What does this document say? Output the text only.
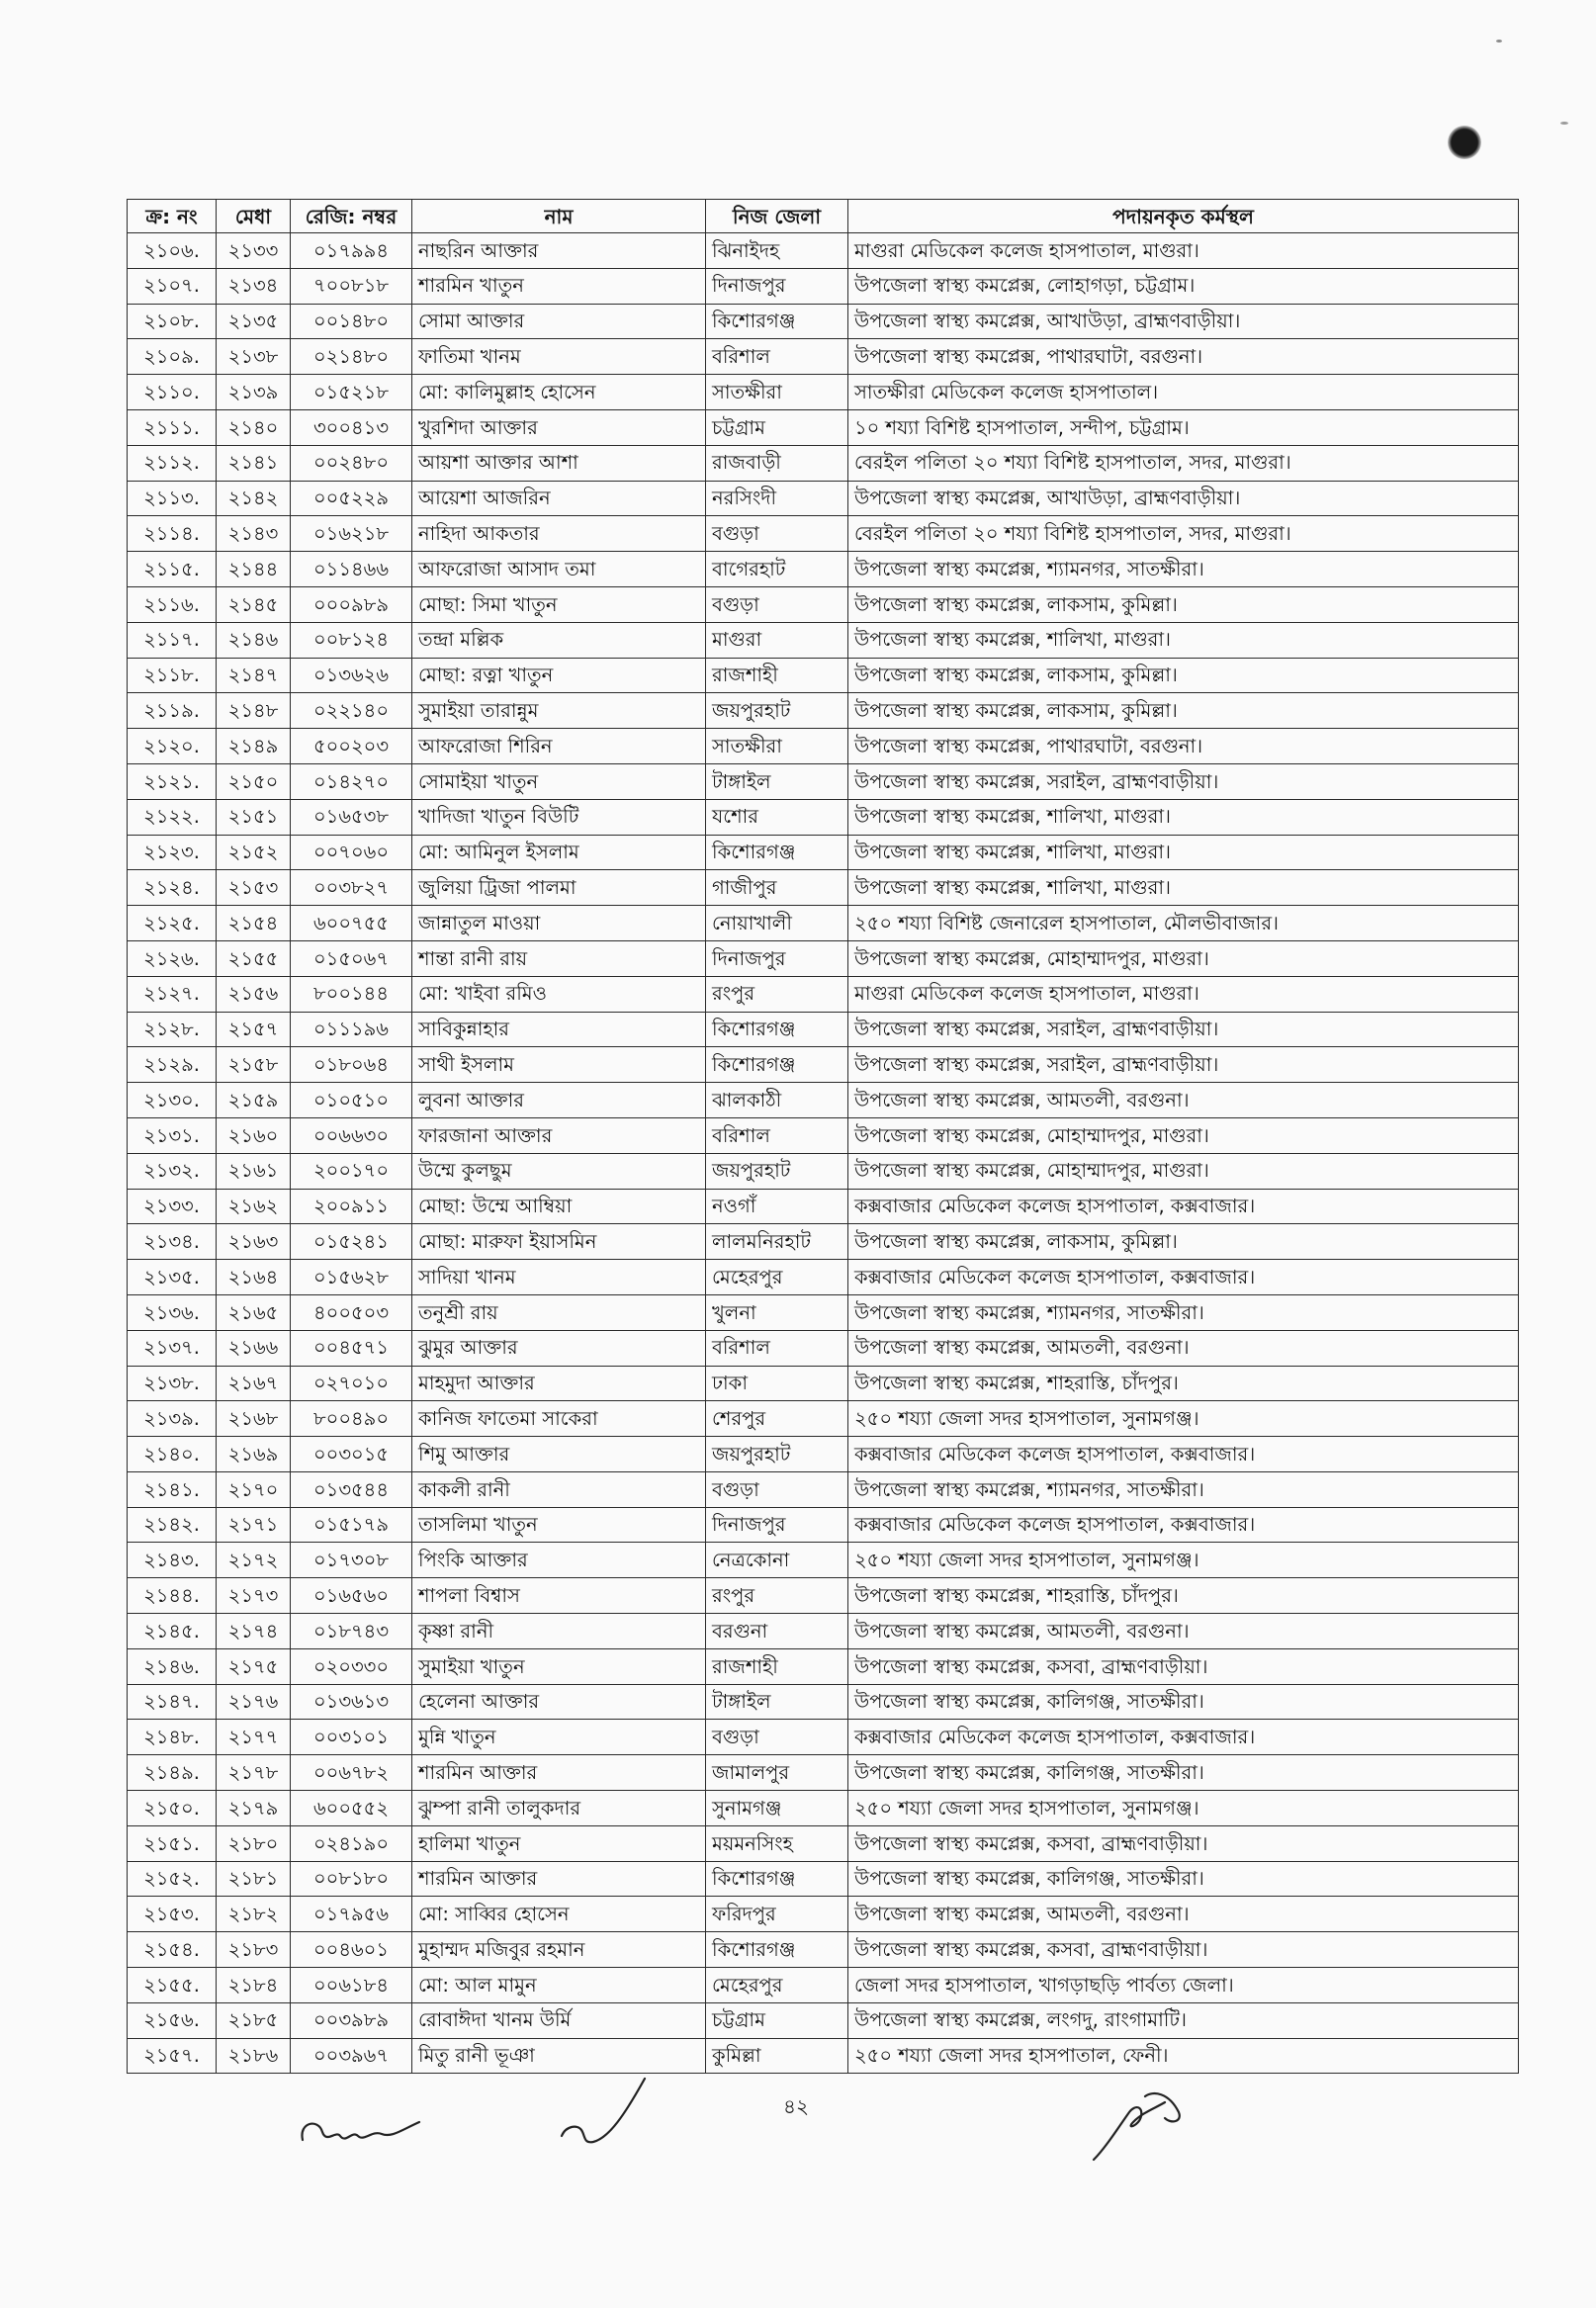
ক্র: নং	মেধা	রেজি: নম্বর	নাম	নিজ জেলা	পদায়নকৃত কর্মস্থল
২১০৬.	২১৩৩	০১৭৯৯৪	নাছরিন আক্তার	ঝিনাইদহ	মাগুরা মেডিকেল কলেজ হাসপাতাল, মাগুরা।
২১০৭.	২১৩৪	৭০০৮১৮	শারমিন খাতুন	দিনাজপুর	উপজেলা স্বাস্থ্য কমপ্লেক্স, লোহাগড়া, চট্টগ্রাম।
২১০৮.	২১৩৫	০০১৪৮০	সোমা আক্তার	কিশোরগঞ্জ	উপজেলা স্বাস্থ্য কমপ্লেক্স, আখাউড়া, ব্রাহ্মণবাড়ীয়া।
২১০৯.	২১৩৮	০২১৪৮০	ফাতিমা খানম	বরিশাল	উপজেলা স্বাস্থ্য কমপ্লেক্স, পাথারঘাটা, বরগুনা।
২১১০.	২১৩৯	০১৫২১৮	মো: কালিমুল্লাহ হোসেন	সাতক্ষীরা	সাতক্ষীরা মেডিকেল কলেজ হাসপাতাল।
২১১১.	২১৪০	৩০০৪১৩	খুরশিদা আক্তার	চট্টগ্রাম	১০ শয্যা বিশিষ্ট হাসপাতাল, সন্দীপ, চট্টগ্রাম।
২১১২.	২১৪১	০০২৪৮০	আয়শা আক্তার আশা	রাজবাড়ী	বেরইল পলিতা ২০ শয্যা বিশিষ্ট হাসপাতাল, সদর, মাগুরা।
২১১৩.	২১৪২	০০৫২২৯	আয়েশা আজরিন	নরসিংদী	উপজেলা স্বাস্থ্য কমপ্লেক্স, আখাউড়া, ব্রাহ্মণবাড়ীয়া।
২১১৪.	২১৪৩	০১৬২১৮	নাহিদা আকতার	বগুড়া	বেরইল পলিতা ২০ শয্যা বিশিষ্ট হাসপাতাল, সদর, মাগুরা।
২১১৫.	২১৪৪	০১১৪৬৬	আফরোজা আসাদ তমা	বাগেরহাট	উপজেলা স্বাস্থ্য কমপ্লেক্স, শ্যামনগর, সাতক্ষীরা।
২১১৬.	২১৪৫	০০০৯৮৯	মোছা: সিমা খাতুন	বগুড়া	উপজেলা স্বাস্থ্য কমপ্লেক্স, লাকসাম, কুমিল্লা।
২১১৭.	২১৪৬	০০৮১২৪	তন্দ্রা মল্লিক	মাগুরা	উপজেলা স্বাস্থ্য কমপ্লেক্স, শালিখা, মাগুরা।
২১১৮.	২১৪৭	০১৩৬২৬	মোছা: রত্না খাতুন	রাজশাহী	উপজেলা স্বাস্থ্য কমপ্লেক্স, লাকসাম, কুমিল্লা।
২১১৯.	২১৪৮	০২২১৪০	সুমাইয়া তারান্নুম	জয়পুরহাট	উপজেলা স্বাস্থ্য কমপ্লেক্স, লাকসাম, কুমিল্লা।
২১২০.	২১৪৯	৫০০২০৩	আফরোজা শিরিন	সাতক্ষীরা	উপজেলা স্বাস্থ্য কমপ্লেক্স, পাথারঘাটা, বরগুনা।
২১২১.	২১৫০	০১৪২৭০	সোমাইয়া খাতুন	টাঙ্গাইল	উপজেলা স্বাস্থ্য কমপ্লেক্স, সরাইল, ব্রাহ্মণবাড়ীয়া।
২১২২.	২১৫১	০১৬৫৩৮	খাদিজা খাতুন বিউটি	যশোর	উপজেলা স্বাস্থ্য কমপ্লেক্স, শালিখা, মাগুরা।
২১২৩.	২১৫২	০০৭০৬০	মো: আমিনুল ইসলাম	কিশোরগঞ্জ	উপজেলা স্বাস্থ্য কমপ্লেক্স, শালিখা, মাগুরা।
২১২৪.	২১৫৩	০০৩৮২৭	জুলিয়া ট্রিজা পালমা	গাজীপুর	উপজেলা স্বাস্থ্য কমপ্লেক্স, শালিখা, মাগুরা।
২১২৫.	২১৫৪	৬০০৭৫৫	জান্নাতুল মাওয়া	নোয়াখালী	২৫০ শয্যা বিশিষ্ট জেনারেল হাসপাতাল, মৌলভীবাজার।
২১২৬.	২১৫৫	০১৫০৬৭	শান্তা রানী রায়	দিনাজপুর	উপজেলা স্বাস্থ্য কমপ্লেক্স, মোহাম্মাদপুর, মাগুরা।
২১২৭.	২১৫৬	৮০০১৪৪	মো: খাইবা রমিও	রংপুর	মাগুরা মেডিকেল কলেজ হাসপাতাল, মাগুরা।
২১২৮.	২১৫৭	০১১১৯৬	সাবিকুন্নাহার	কিশোরগঞ্জ	উপজেলা স্বাস্থ্য কমপ্লেক্স, সরাইল, ব্রাহ্মণবাড়ীয়া।
২১২৯.	২১৫৮	০১৮০৬৪	সাথী ইসলাম	কিশোরগঞ্জ	উপজেলা স্বাস্থ্য কমপ্লেক্স, সরাইল, ব্রাহ্মণবাড়ীয়া।
২১৩০.	২১৫৯	০১০৫১০	লুবনা আক্তার	ঝালকাঠী	উপজেলা স্বাস্থ্য কমপ্লেক্স, আমতলী, বরগুনা।
২১৩১.	২১৬০	০০৬৬৩০	ফারজানা আক্তার	বরিশাল	উপজেলা স্বাস্থ্য কমপ্লেক্স, মোহাম্মাদপুর, মাগুরা।
২১৩২.	২১৬১	২০০১৭০	উম্মে কুলছুম	জয়পুরহাট	উপজেলা স্বাস্থ্য কমপ্লেক্স, মোহাম্মাদপুর, মাগুরা।
২১৩৩.	২১৬২	২০০৯১১	মোছা: উম্মে আম্বিয়া	নওগাঁ	কক্সবাজার মেডিকেল কলেজ হাসপাতাল, কক্সবাজার।
২১৩৪.	২১৬৩	০১৫২৪১	মোছা: মারুফা ইয়াসমিন	লালমনিরহাট	উপজেলা স্বাস্থ্য কমপ্লেক্স, লাকসাম, কুমিল্লা।
২১৩৫.	২১৬৪	০১৫৬২৮	সাদিয়া খানম	মেহেরপুর	কক্সবাজার মেডিকেল কলেজ হাসপাতাল, কক্সবাজার।
২১৩৬.	২১৬৫	৪০০৫০৩	তনুশ্রী রায়	খুলনা	উপজেলা স্বাস্থ্য কমপ্লেক্স, শ্যামনগর, সাতক্ষীরা।
২১৩৭.	২১৬৬	০০৪৫৭১	ঝুমুর আক্তার	বরিশাল	উপজেলা স্বাস্থ্য কমপ্লেক্স, আমতলী, বরগুনা।
২১৩৮.	২১৬৭	০২৭০১০	মাহমুদা আক্তার	ঢাকা	উপজেলা স্বাস্থ্য কমপ্লেক্স, শাহরাস্তি, চাঁদপুর।
২১৩৯.	২১৬৮	৮০০৪৯০	কানিজ ফাতেমা সাকেরা	শেরপুর	২৫০ শয্যা জেলা সদর হাসপাতাল, সুনামগঞ্জ।
২১৪০.	২১৬৯	০০৩০১৫	শিমু আক্তার	জয়পুরহাট	কক্সবাজার মেডিকেল কলেজ হাসপাতাল, কক্সবাজার।
২১৪১.	২১৭০	০১৩৫৪৪	কাকলী রানী	বগুড়া	উপজেলা স্বাস্থ্য কমপ্লেক্স, শ্যামনগর, সাতক্ষীরা।
২১৪২.	২১৭১	০১৫১৭৯	তাসলিমা খাতুন	দিনাজপুর	কক্সবাজার মেডিকেল কলেজ হাসপাতাল, কক্সবাজার।
২১৪৩.	২১৭২	০১৭৩০৮	পিংকি আক্তার	নেত্রকোনা	২৫০ শয্যা জেলা সদর হাসপাতাল, সুনামগঞ্জ।
২১৪৪.	২১৭৩	০১৬৫৬০	শাপলা বিশ্বাস	রংপুর	উপজেলা স্বাস্থ্য কমপ্লেক্স, শাহরাস্তি, চাঁদপুর।
২১৪৫.	২১৭৪	০১৮৭৪৩	কৃষ্ণা রানী	বরগুনা	উপজেলা স্বাস্থ্য কমপ্লেক্স, আমতলী, বরগুনা।
২১৪৬.	২১৭৫	০২০৩৩০	সুমাইয়া খাতুন	রাজশাহী	উপজেলা স্বাস্থ্য কমপ্লেক্স, কসবা, ব্রাহ্মণবাড়ীয়া।
২১৪৭.	২১৭৬	০১৩৬১৩	হেলেনা আক্তার	টাঙ্গাইল	উপজেলা স্বাস্থ্য কমপ্লেক্স, কালিগঞ্জ, সাতক্ষীরা।
২১৪৮.	২১৭৭	০০৩১০১	মুন্নি খাতুন	বগুড়া	কক্সবাজার মেডিকেল কলেজ হাসপাতাল, কক্সবাজার।
২১৪৯.	২১৭৮	০০৬৭৮২	শারমিন আক্তার	জামালপুর	উপজেলা স্বাস্থ্য কমপ্লেক্স, কালিগঞ্জ, সাতক্ষীরা।
২১৫০.	২১৭৯	৬০০৫৫২	ঝুম্পা রানী তালুকদার	সুনামগঞ্জ	২৫০ শয্যা জেলা সদর হাসপাতাল, সুনামগঞ্জ।
২১৫১.	২১৮০	০২৪১৯০	হালিমা খাতুন	ময়মনসিংহ	উপজেলা স্বাস্থ্য কমপ্লেক্স, কসবা, ব্রাহ্মণবাড়ীয়া।
২১৫২.	২১৮১	০০৮১৮০	শারমিন আক্তার	কিশোরগঞ্জ	উপজেলা স্বাস্থ্য কমপ্লেক্স, কালিগঞ্জ, সাতক্ষীরা।
২১৫৩.	২১৮২	০১৭৯৫৬	মো: সাব্বির হোসেন	ফরিদপুর	উপজেলা স্বাস্থ্য কমপ্লেক্স, আমতলী, বরগুনা।
২১৫৪.	২১৮৩	০০৪৬০১	মুহাম্মদ মজিবুর রহমান	কিশোরগঞ্জ	উপজেলা স্বাস্থ্য কমপ্লেক্স, কসবা, ব্রাহ্মণবাড়ীয়া।
২১৫৫.	২১৮৪	০০৬১৮৪	মো: আল মামুন	মেহেরপুর	জেলা সদর হাসপাতাল, খাগড়াছড়ি পার্বত্য জেলা।
২১৫৬.	২১৮৫	০০৩৯৮৯	রোবাঈদা খানম উর্মি	চট্টগ্রাম	উপজেলা স্বাস্থ্য কমপ্লেক্স, লংগদু, রাংগামাটি।
২১৫৭.	২১৮৬	০০৩৯৬৭	মিতু রানী ভূঞা	কুমিল্লা	২৫০ শয্যা জেলা সদর হাসপাতাল, ফেনী।
৪২
